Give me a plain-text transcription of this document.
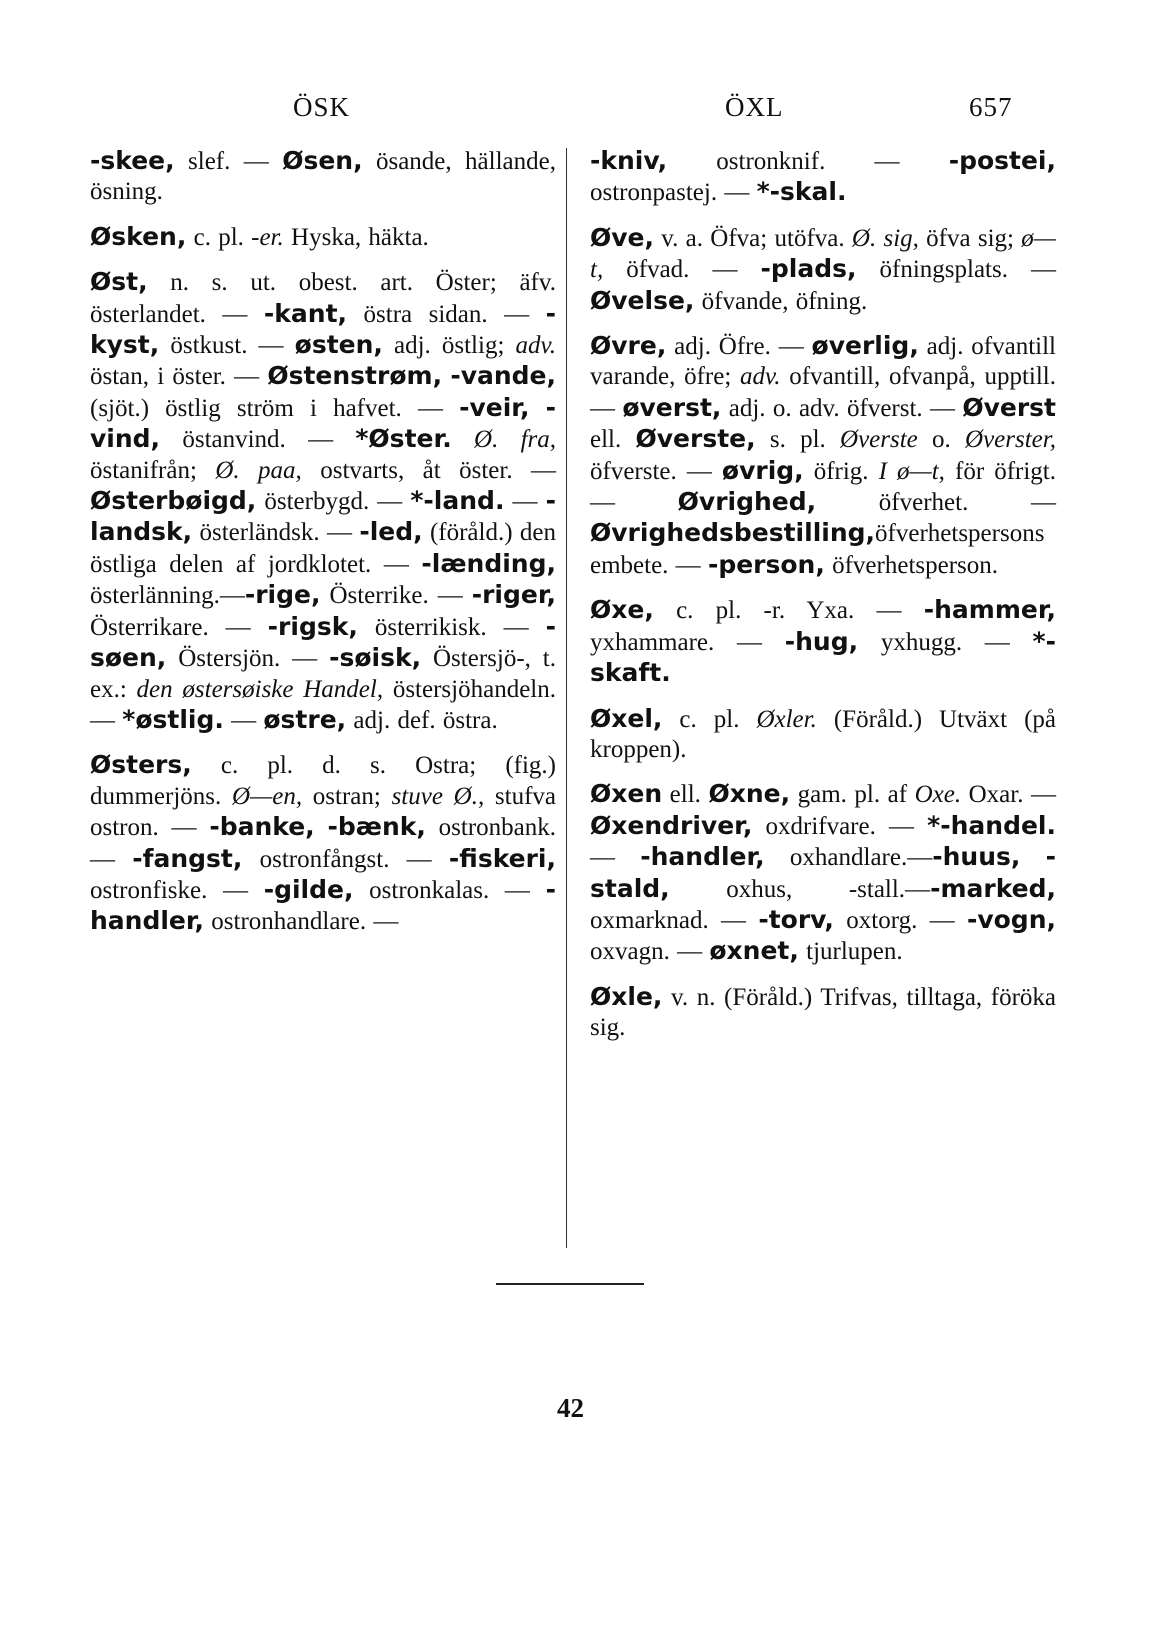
ÖSK	ÖXL	657

-skee, slef. — Øsen, ösande, hällande, ösning.

Øsken, c. pl. -er. Hyska, häkta.

Øst, n. s. ut. obest. art. Öster; äfv. österlandet. — -kant, östra sidan. — -kyst, östkust. — østen, adj. östlig; adv. östan, i öster. — Østenstrøm, -vande, (sjöt.) östlig ström i hafvet. — -veir, -vind, östanvind. — *Øster. Ø. fra, östanifrån; Ø. paa, ostvarts, åt öster. — Østerbøigd, österbygd. — *-land. — -landsk, österländsk. — -led, (föråld.) den östliga delen af jordklotet. — -lænding, österlänning.—-rige, Österrike. — -riger, Österrikare. — -rigsk, österrikisk. — -søen, Östersjön. — -søisk, Östersjö-, t. ex.: den østersøiske Handel, östersjöhandeln. — *østlig. — østre, adj. def. östra.

Østers, c. pl. d. s. Ostra; (fig.) dummerjöns. Ø—en, ostran; stuve Ø., stufva ostron. — -banke, -bænk, ostronbank. — -fangst, ostronfångst. — -fiskeri, ostronfiske. — -gilde, ostronkalas. — -handler, ostronhandlare. —

-kniv, ostronknif. — -postei, ostronpastej. — *-skal.

Øve, v. a. Öfva; utöfva. Ø. sig, öfva sig; ø—t, öfvad. — -plads, öfningsplats. — Øvelse, öfvande, öfning.

Øvre, adj. Öfre. — øverlig, adj. ofvantill varande, öfre; adv. ofvantill, ofvanpå, upptill. — øverst, adj. o. adv. öfverst. — Øverst ell. Øverste, s. pl. Øverste o. Øverster, öfverste. — øvrig, öfrig. I ø—t, för öfrigt. — Øvrighed, öfverhet. — Øvrighedsbestilling,öfverhetspersons embete. — -person, öfverhetsperson.

Øxe, c. pl. -r. Yxa. — -hammer, yxhammare. — -hug, yxhugg. — *-skaft.

Øxel, c. pl. Øxler. (Föråld.) Utväxt (på kroppen).

Øxen ell. Øxne, gam. pl. af Oxe. Oxar. — Øxendriver, oxdrifvare. — *-handel. — -handler, oxhandlare.—-huus, -stald, oxhus, -stall.—-marked, oxmarknad. — -torv, oxtorg. — -vogn, oxvagn. — øxnet, tjurlupen.

Øxle, v. n. (Föråld.) Trifvas, tilltaga, föröka sig.

42
